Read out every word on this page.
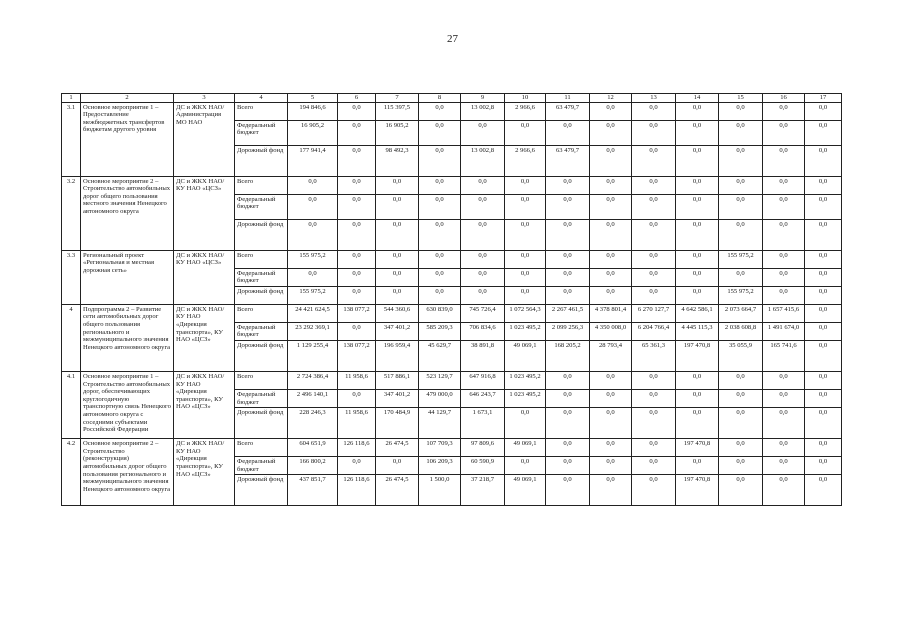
27
1	2	3	4	5	6	7	8	9	10	11	12	13	14	15	16	17
3.1	Основное мероприятие 1 – Предоставление межбюджетных трансфертов бюджетам другого уровня	ДС и ЖКХ НАО/ Администрация МО НАО	Всего	194 846,6	0,0	115 397,5	0,0	13 002,8	2 966,6	63 479,7	0,0	0,0	0,0	0,0	0,0	0,0
			Федеральный бюджет	16 905,2	0,0	16 905,2	0,0	0,0	0,0	0,0	0,0	0,0	0,0	0,0	0,0	0,0
			Дорожный фонд	177 941,4	0,0	98 492,3	0,0	13 002,8	2 966,6	63 479,7	0,0	0,0	0,0	0,0	0,0	0,0
3.2	Основное мероприятие 2 – Строительство автомобильных дорог общего пользования местного значения Ненецкого автономного округа	ДС и ЖКХ НАО/ КУ НАО «ЦСЗ»	Всего	0,0	0,0	0,0	0,0	0,0	0,0	0,0	0,0	0,0	0,0	0,0	0,0	0,0
			Федеральный бюджет	0,0	0,0	0,0	0,0	0,0	0,0	0,0	0,0	0,0	0,0	0,0	0,0	0,0
			Дорожный фонд	0,0	0,0	0,0	0,0	0,0	0,0	0,0	0,0	0,0	0,0	0,0	0,0	0,0
3.3	Региональный проект «Региональная и местная дорожная сеть»	ДС и ЖКХ НАО/ КУ НАО «ЦСЗ»	Всего	155 975,2	0,0	0,0	0,0	0,0	0,0	0,0	0,0	0,0	0,0	155 975,2	0,0	0,0
			Федеральный бюджет	0,0	0,0	0,0	0,0	0,0	0,0	0,0	0,0	0,0	0,0	0,0	0,0	0,0
			Дорожный фонд	155 975,2	0,0	0,0	0,0	0,0	0,0	0,0	0,0	0,0	0,0	155 975,2	0,0	0,0
4	Подпрограмма 2 – Развитие сети автомобильных дорог общего пользования регионального и межмуниципального значения Ненецкого автономного округа	ДС и ЖКХ НАО/ КУ НАО «Дирекция транспорта», КУ НАО «ЦСЗ»	Всего	24 421 624,5	138 077,2	544 360,6	630 839,0	745 726,4	1 072 564,3	2 267 461,5	4 378 801,4	6 270 127,7	4 642 586,1	2 073 664,7	1 657 415,6	0,0
			Федеральный бюджет	23 292 369,1	0,0	347 401,2	585 209,3	706 834,6	1 023 495,2	2 099 256,3	4 350 008,0	6 204 766,4	4 445 115,3	2 038 608,8	1 491 674,0	0,0
			Дорожный фонд	1 129 255,4	138 077,2	196 959,4	45 629,7	38 891,8	49 069,1	168 205,2	28 793,4	65 361,3	197 470,8	35 055,9	165 741,6	0,0
4.1	Основное мероприятие 1 – Строительство автомобильных дорог, обеспечивающих круглогодичную транспортную связь Ненецкого автономного округа с соседними субъектами Российской Федерации	ДС и ЖКХ НАО/ КУ НАО «Дирекция транспорта», КУ НАО «ЦСЗ»	Всего	2 724 386,4	11 958,6	517 886,1	523 129,7	647 916,8	1 023 495,2	0,0	0,0	0,0	0,0	0,0	0,0	0,0
			Федеральный бюджет	2 496 140,1	0,0	347 401,2	479 000,0	646 243,7	1 023 495,2	0,0	0,0	0,0	0,0	0,0	0,0	0,0
			Дорожный фонд	228 246,3	11 958,6	170 484,9	44 129,7	1 673,1	0,0	0,0	0,0	0,0	0,0	0,0	0,0	0,0
4.2	Основное мероприятие 2 – Строительство (реконструкция) автомобильных дорог общего пользования регионального и межмуниципального значения Ненецкого автономного округа	ДС и ЖКХ НАО/ КУ НАО «Дирекция транспорта», КУ НАО «ЦСЗ»	Всего	604 651,9	126 118,6	26 474,5	107 709,3	97 809,6	49 069,1	0,0	0,0	0,0	197 470,8	0,0	0,0	0,0
			Федеральный бюджет	166 800,2	0,0	0,0	106 209,3	60 590,9	0,0	0,0	0,0	0,0	0,0	0,0	0,0	0,0
			Дорожный фонд	437 851,7	126 118,6	26 474,5	1 500,0	37 218,7	49 069,1	0,0	0,0	0,0	197 470,8	0,0	0,0	0,0
